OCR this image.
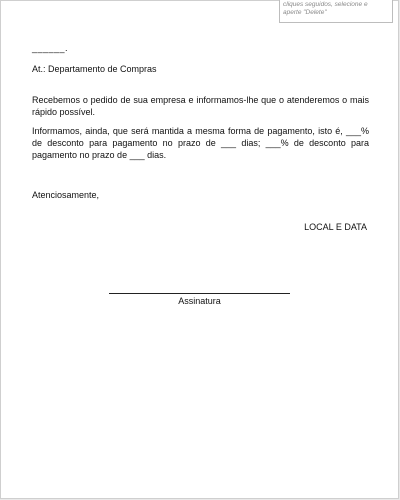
cliques seguidos, selecione e
aperte "Delete"
______.
At.: Departamento de Compras
Recebemos o pedido de sua empresa e informamos-lhe que o atenderemos o mais rápido possível.
Informamos, ainda, que será mantida a mesma forma de pagamento, isto é, ___% de desconto para pagamento no prazo de ___ dias; ___% de desconto para pagamento no prazo de ___ dias.
Atenciosamente,
LOCAL E DATA
Assinatura
